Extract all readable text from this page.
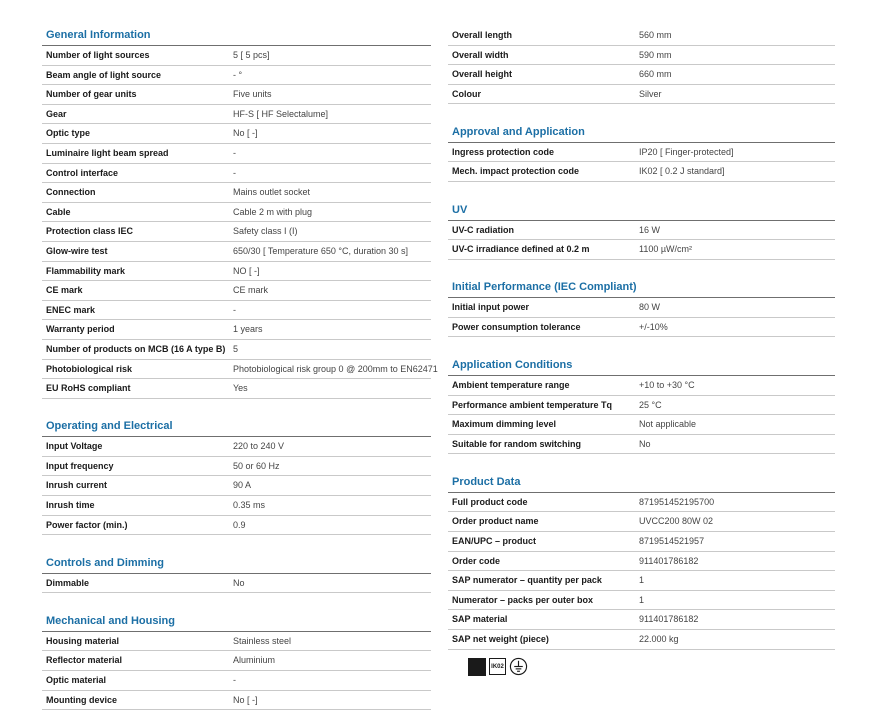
General Information
Number of light sources	5 [ 5 pcs]
Beam angle of light source	- °
Number of gear units	Five units
Gear	HF-S [ HF Selectalume]
Optic type	No [ -]
Luminaire light beam spread	-
Control interface	-
Connection	Mains outlet socket
Cable	Cable 2 m with plug
Protection class IEC	Safety class I (I)
Glow-wire test	650/30 [ Temperature 650 °C, duration 30 s]
Flammability mark	NO [ -]
CE mark	CE mark
ENEC mark	-
Warranty period	1 years
Number of products on MCB (16 A type B) 5
Photobiological risk	Photobiological risk group 0 @ 200mm to EN62471
EU RoHS compliant	Yes
Operating and Electrical
Input Voltage	220 to 240 V
Input frequency	50 or 60 Hz
Inrush current	90 A
Inrush time	0.35 ms
Power factor (min.)	0.9
Controls and Dimming
Dimmable	No
Mechanical and Housing
Housing material	Stainless steel
Reflector material	Aluminium
Optic material	-
Mounting device	No [ -]
Overall length	560 mm
Overall width	590 mm
Overall height	660 mm
Colour	Silver
Approval and Application
Ingress protection code	IP20 [ Finger-protected]
Mech. impact protection code	IK02 [ 0.2 J standard]
UV
UV-C radiation	16 W
UV-C irradiance defined at 0.2 m	1100 µW/cm²
Initial Performance (IEC Compliant)
Initial input power	80 W
Power consumption tolerance	+/-10%
Application Conditions
Ambient temperature range	+10 to +30 °C
Performance ambient temperature Tq	25 °C
Maximum dimming level	Not applicable
Suitable for random switching	No
Product Data
Full product code	871951452195700
Order product name	UVCC200 80W 02
EAN/UPC – product	8719514521957
Order code	911401786182
SAP numerator – quantity per pack	1
Numerator – packs per outer box	1
SAP material	911401786182
SAP net weight (piece)	22.000 kg
IK02
